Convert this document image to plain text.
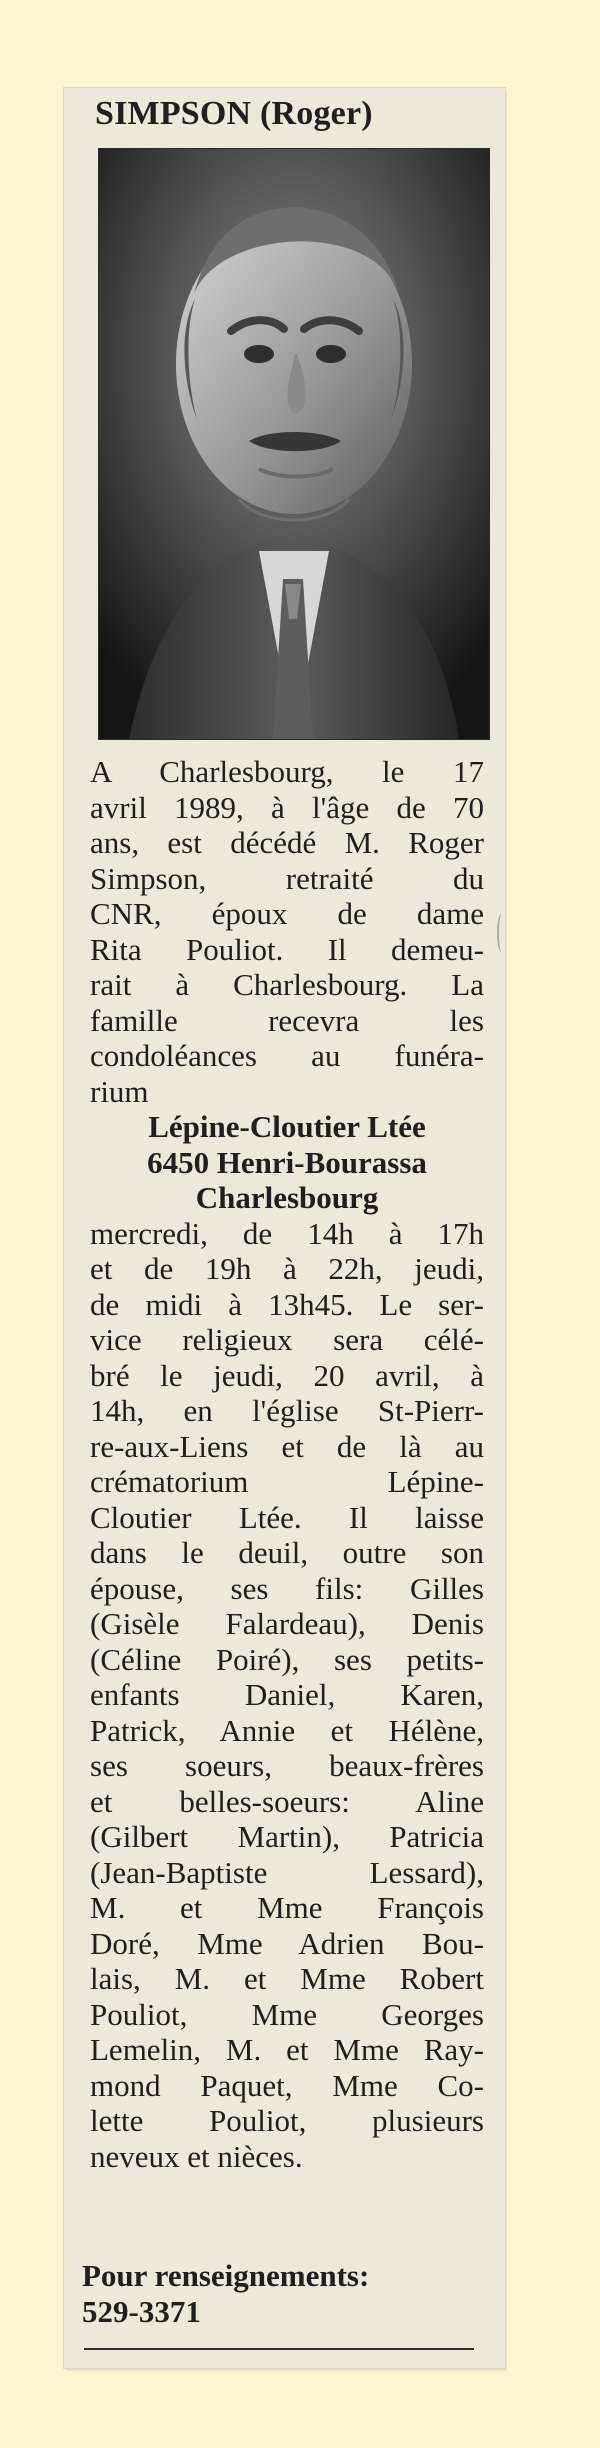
SIMPSON (Roger)
A Charlesbourg, le 17
avril 1989, à l'âge de 70
ans, est décédé M. Roger
Simpson, retraité du
CNR, époux de dame
Rita Pouliot. Il demeu-
rait à Charlesbourg. La
famille recevra les
condoléances au funéra-
rium
Lépine-Cloutier Ltée
6450 Henri-Bourassa
Charlesbourg
mercredi, de 14h à 17h
et de 19h à 22h, jeudi,
de midi à 13h45. Le ser-
vice religieux sera célé-
bré le jeudi, 20 avril, à
14h, en l'église St-Pierr-
re-aux-Liens et de là au
crématorium Lépine-
Cloutier Ltée. Il laisse
dans le deuil, outre son
épouse, ses fils: Gilles
(Gisèle Falardeau), Denis
(Céline Poiré), ses petits-
enfants Daniel, Karen,
Patrick, Annie et Hélène,
ses soeurs, beaux-frères
et belles-soeurs: Aline
(Gilbert Martin), Patricia
(Jean-Baptiste Lessard),
M. et Mme François
Doré, Mme Adrien Bou-
lais, M. et Mme Robert
Pouliot, Mme Georges
Lemelin, M. et Mme Ray-
mond Paquet, Mme Co-
lette Pouliot, plusieurs
neveux et nièces.
Pour renseignements:
529-3371
